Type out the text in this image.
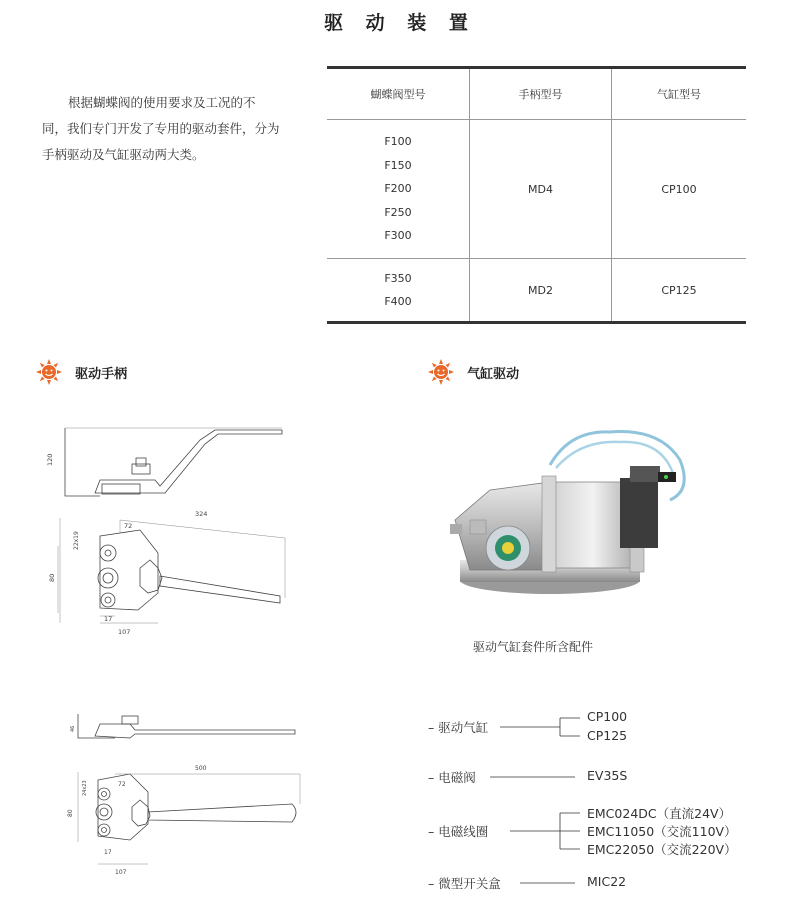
驱 动 装 置
根据蝴蝶阀的使用要求及工况的不同，我们专门开发了专用的驱动套件，分为手柄驱动及气缸驱动两大类。
蝴蝶阀型号	手柄型号	气缸型号

F100
F150
F200
F250
F300	MD4	CP100

F350
F400	MD2	CP125
驱动手柄	气缸驱动
120
324
72
22x19
80
17
107
46
500
72
24x23
80
17
107
驱动气缸套件所含配件
– 驱动气缸
CP100
CP125
– 电磁阀	EV35S
– 电磁线圈
EMC024DC（直流24V）
EMC11050（交流110V）
EMC22050（交流220V）
– 微型开关盒	MIC22
